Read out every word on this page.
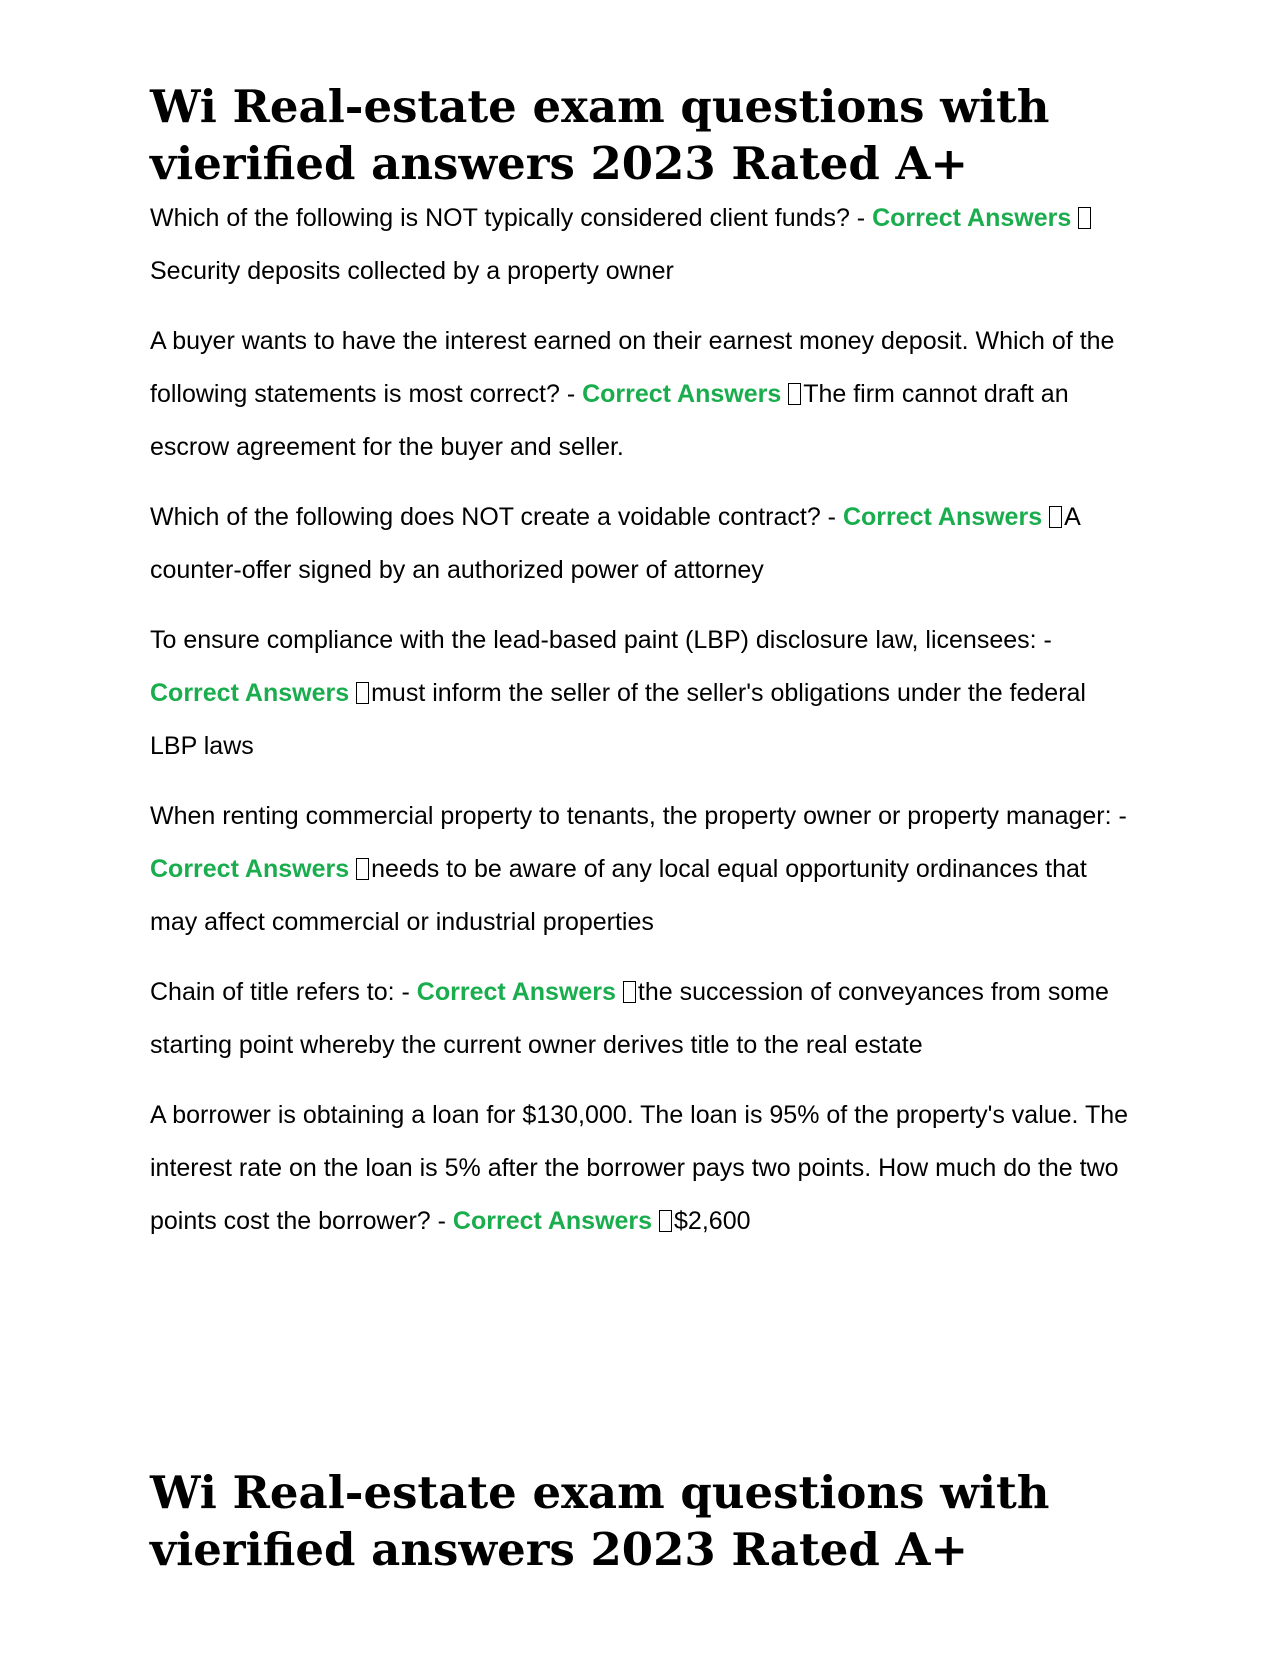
Wi Real-estate exam questions with vierified answers 2023 Rated A+

Which of the following is NOT typically considered client funds? - Correct Answers Security deposits collected by a property owner

A buyer wants to have the interest earned on their earnest money deposit. Which of the following statements is most correct? - Correct Answers The firm cannot draft an escrow agreement for the buyer and seller.

Which of the following does NOT create a voidable contract? - Correct Answers A counter-offer signed by an authorized power of attorney

To ensure compliance with the lead-based paint (LBP) disclosure law, licensees: - Correct Answers must inform the seller of the seller's obligations under the federal LBP laws

When renting commercial property to tenants, the property owner or property manager: - Correct Answers needs to be aware of any local equal opportunity ordinances that may affect commercial or industrial properties

Chain of title refers to: - Correct Answers the succession of conveyances from some starting point whereby the current owner derives title to the real estate

A borrower is obtaining a loan for $130,000. The loan is 95% of the property's value. The interest rate on the loan is 5% after the borrower pays two points. How much do the two points cost the borrower? - Correct Answers $2,600

Wi Real-estate exam questions with vierified answers 2023 Rated A+
